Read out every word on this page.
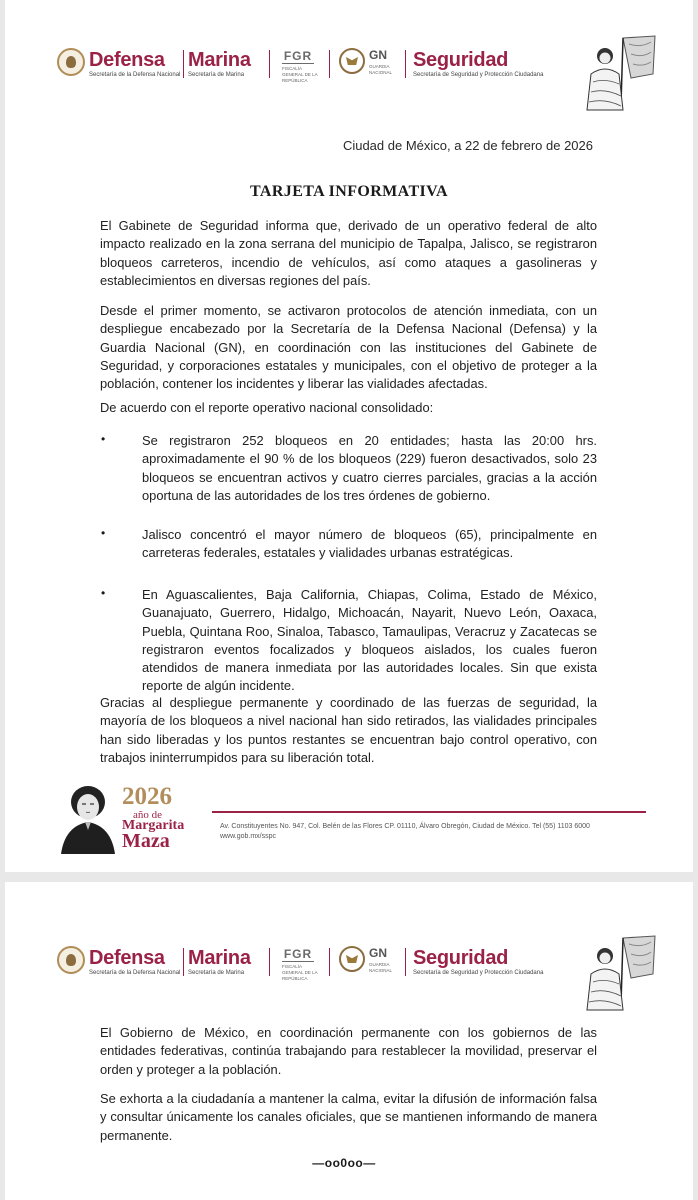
Defensa
Secretaría de la Defensa Nacional
Marina
Secretaría de Marina
FGR
FISCALÍA GENERAL DE LA REPÚBLICA
GN
GUARDIA NACIONAL
Seguridad
Secretaría de Seguridad y Protección Ciudadana
Ciudad de México, a 22 de febrero de 2026
TARJETA INFORMATIVA
El Gabinete de Seguridad informa que, derivado de un operativo federal de alto impacto realizado en la zona serrana del municipio de Tapalpa, Jalisco, se registraron bloqueos carreteros, incendio de vehículos, así como ataques a gasolineras y establecimientos en diversas regiones del país.
Desde el primer momento, se activaron protocolos de atención inmediata, con un despliegue encabezado por la Secretaría de la Defensa Nacional (Defensa) y la Guardia Nacional (GN), en coordinación con las instituciones del Gabinete de Seguridad, y corporaciones estatales y municipales, con el objetivo de proteger a la población, contener los incidentes y liberar las vialidades afectadas.
De acuerdo con el reporte operativo nacional consolidado:
•	Se registraron 252 bloqueos en 20 entidades; hasta las 20:00 hrs. aproximadamente el 90 % de los bloqueos (229) fueron desactivados, solo 23 bloqueos se encuentran activos y cuatro cierres parciales, gracias a la acción oportuna de las autoridades de los tres órdenes de gobierno.
•	Jalisco concentró el mayor número de bloqueos (65), principalmente en carreteras federales, estatales y vialidades urbanas estratégicas.
•	En Aguascalientes, Baja California, Chiapas, Colima, Estado de México, Guanajuato, Guerrero, Hidalgo, Michoacán, Nayarit, Nuevo León, Oaxaca, Puebla, Quintana Roo, Sinaloa, Tabasco, Tamaulipas, Veracruz y Zacatecas se registraron eventos focalizados y bloqueos aislados, los cuales fueron atendidos de manera inmediata por las autoridades locales. Sin que exista reporte de algún incidente.
Gracias al despliegue permanente y coordinado de las fuerzas de seguridad, la mayoría de los bloqueos a nivel nacional han sido retirados, las vialidades principales han sido liberadas y los puntos restantes se encuentran bajo control operativo, con trabajos ininterrumpidos para su liberación total.
2026
año de
Margarita
Maza
Av. Constituyentes No. 947, Col. Belén de las Flores CP. 01110, Álvaro Obregón, Ciudad de México. Tel (55) 1103 6000 www.gob.mx/sspc
Defensa
Secretaría de la Defensa Nacional
Marina
Secretaría de Marina
FGR
FISCALÍA GENERAL DE LA REPÚBLICA
GN
GUARDIA NACIONAL
Seguridad
Secretaría de Seguridad y Protección Ciudadana
El Gobierno de México, en coordinación permanente con los gobiernos de las entidades federativas, continúa trabajando para restablecer la movilidad, preservar el orden y proteger a la población.
Se exhorta a la ciudadanía a mantener la calma, evitar la difusión de información falsa y consultar únicamente los canales oficiales, que se mantienen informando de manera permanente.
—oo0oo—
